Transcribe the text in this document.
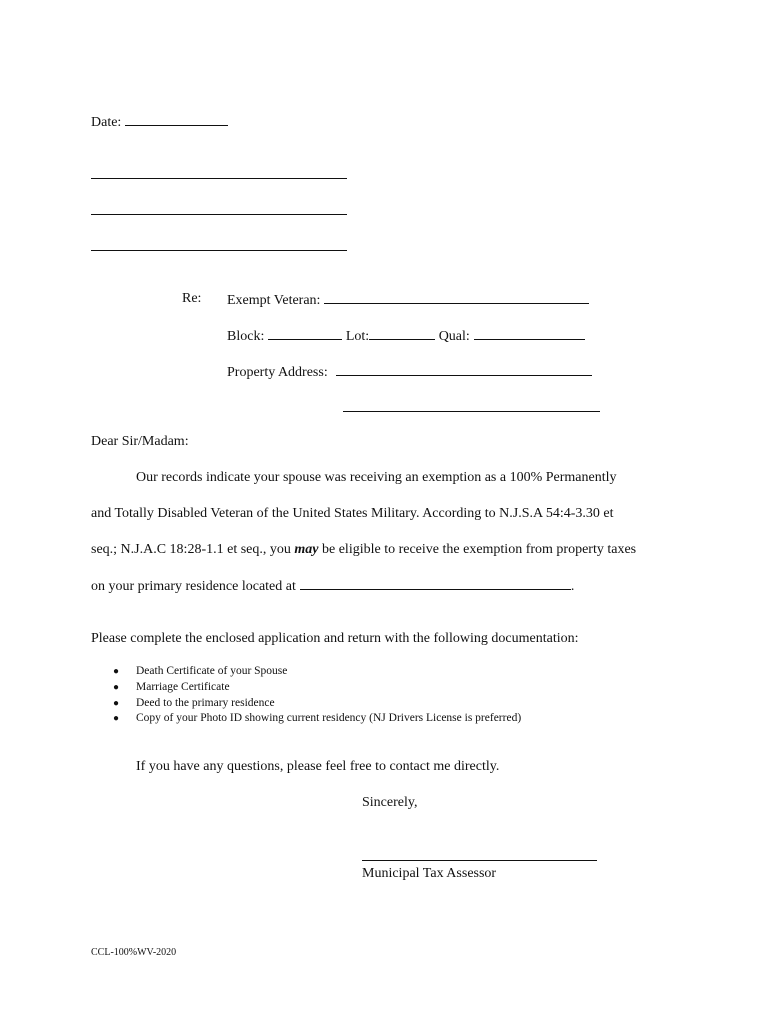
Date:
Re: Exempt Veteran:
Block:	Lot:	Qual:
Property Address:
Dear Sir/Madam:
Our records indicate your spouse was receiving an exemption as a 100% Permanently
and Totally Disabled Veteran of the United States Military. According to N.J.S.A 54:4-3.30 et
seq.; N.J.A.C 18:28-1.1 et seq., you may be eligible to receive the exemption from property taxes
on your primary residence located at	.
Please complete the enclosed application and return with the following documentation:
● Death Certificate of your Spouse
● Marriage Certificate
● Deed to the primary residence
● Copy of your Photo ID showing current residency (NJ Drivers License is preferred)
If you have any questions, please feel free to contact me directly.
Sincerely,
Municipal Tax Assessor
CCL-100%WV-2020
